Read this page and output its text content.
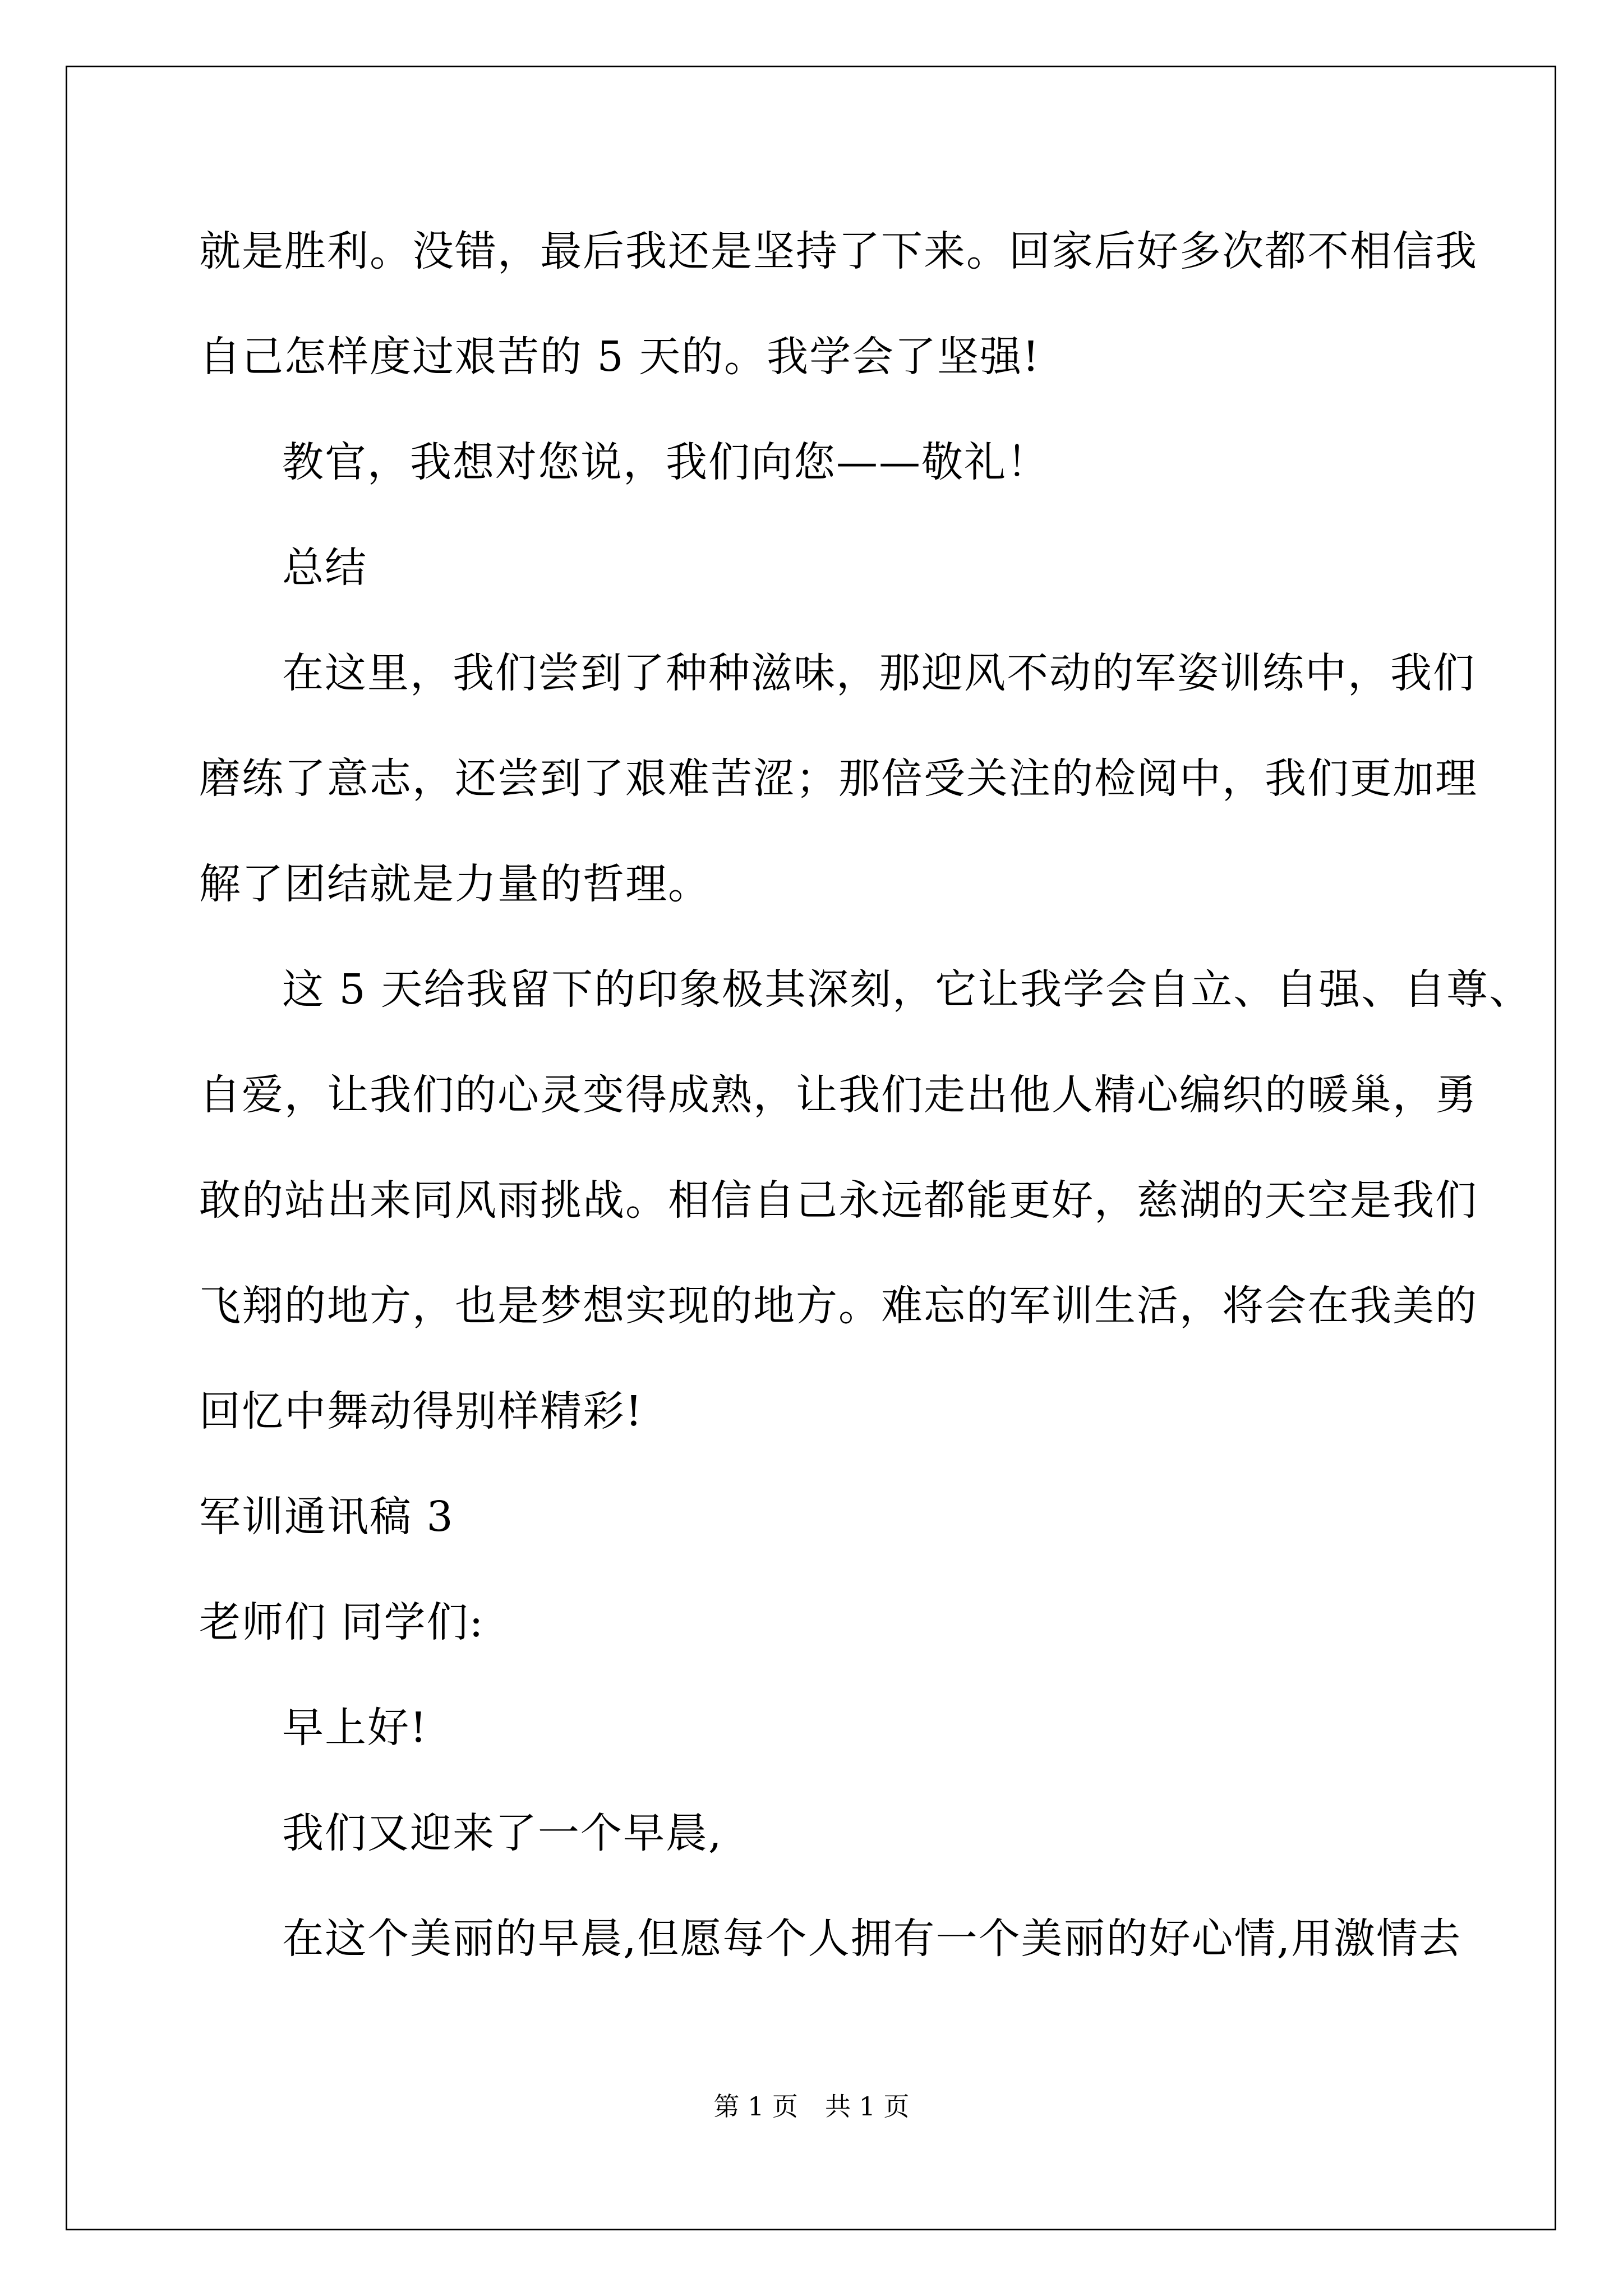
就是胜利。没错，最后我还是坚持了下来。回家后好多次都不相信我
自己怎样度过艰苦的 5 天的。我学会了坚强!
教官，我想对您说，我们向您——敬礼！
总结
在这里，我们尝到了种种滋味，那迎风不动的军姿训练中，我们
磨练了意志，还尝到了艰难苦涩；那倍受关注的检阅中，我们更加理
解了团结就是力量的哲理。
这 5 天给我留下的印象极其深刻，它让我学会自立、自强、自尊、
自爱，让我们的心灵变得成熟，让我们走出他人精心编织的暖巢，勇
敢的站出来同风雨挑战。相信自己永远都能更好，慈湖的天空是我们
飞翔的地方，也是梦想实现的地方。难忘的军训生活，将会在我美的
回忆中舞动得别样精彩!
军训通讯稿 3
老师们 同学们:
早上好!
我们又迎来了一个早晨,
在这个美丽的早晨,但愿每个人拥有一个美丽的好心情,用激情去
第 1 页 共 1 页
